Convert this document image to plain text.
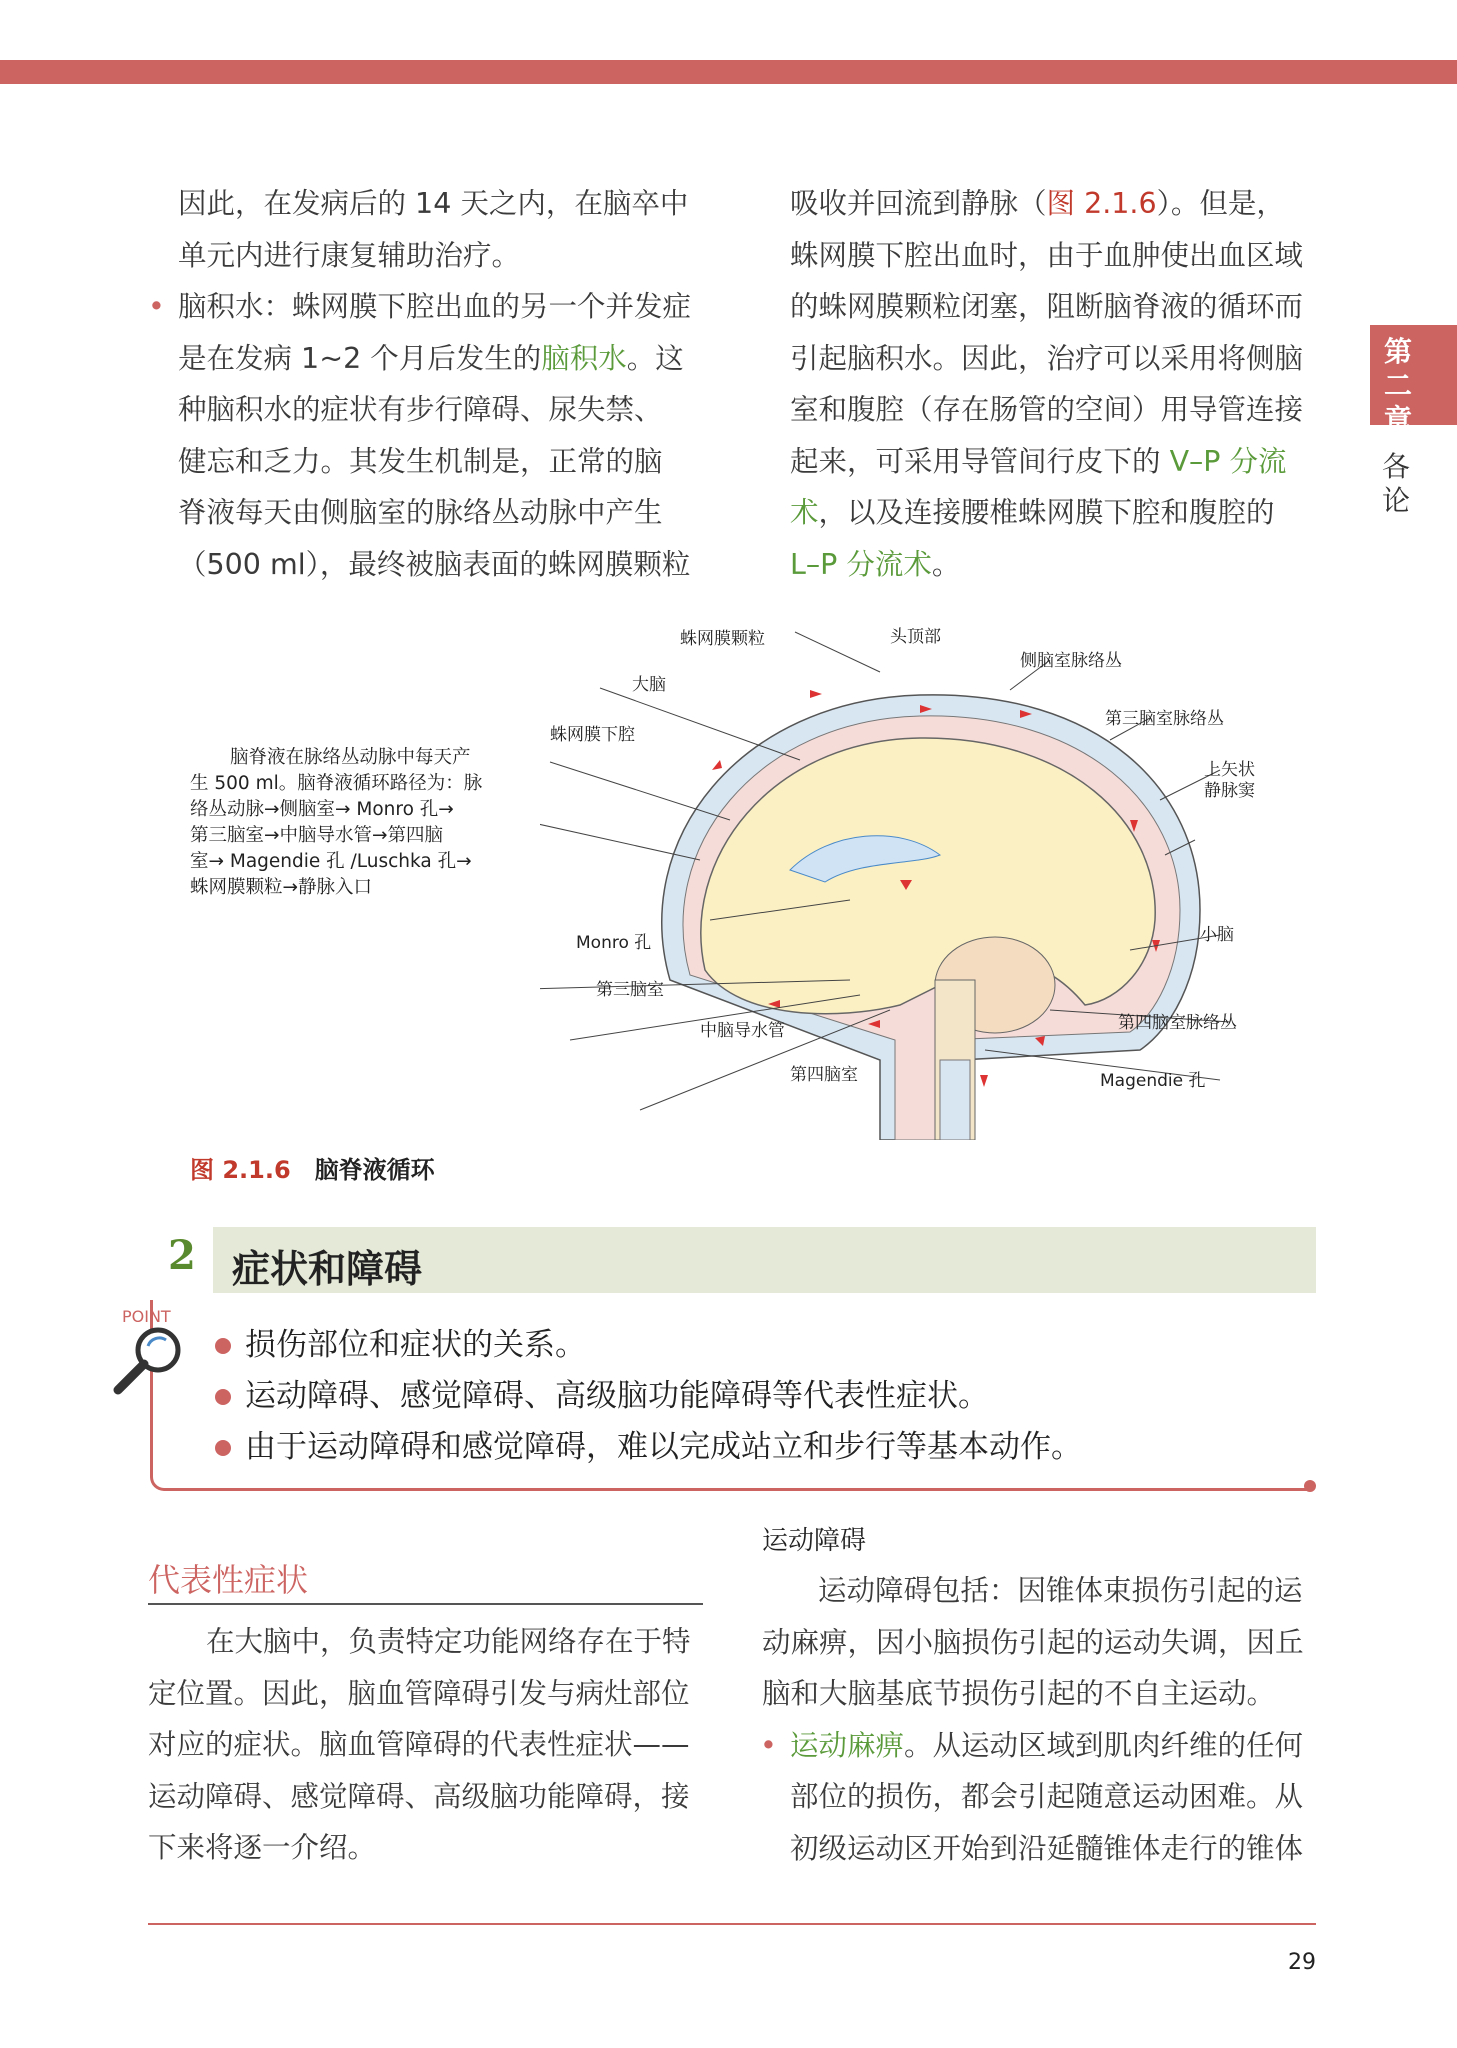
第二章
各论

因此，在发病后的 14 天之内，在脑卒中

单元内进行康复辅助治疗。

• 脑积水：蛛网膜下腔出血的另一个并发症

是在发病 1~2 个月后发生的脑积水。这

种脑积水的症状有步行障碍、尿失禁、

健忘和乏力。其发生机制是，正常的脑

脊液每天由侧脑室的脉络丛动脉中产生

（500 ml），最终被脑表面的蛛网膜颗粒

吸收并回流到静脉（图 2.1.6）。但是，

蛛网膜下腔出血时，由于血肿使出血区域

的蛛网膜颗粒闭塞，阻断脑脊液的循环而

引起脑积水。因此，治疗可以采用将侧脑

室和腹腔（存在肠管的空间）用导管连接

起来，可采用导管间行皮下的 V–P 分流

术，以及连接腰椎蛛网膜下腔和腹腔的

L–P 分流术。

脑脊液在脉络丛动脉中每天产
生 500 ml。脑脊液循环路径为：脉
络丛动脉→侧脑室→ Monro 孔→
第三脑室→中脑导水管→第四脑
室→ Magendie 孔 /Luschka 孔→
蛛网膜颗粒→静脉入口
蛛网膜颗粒	头顶部
侧脑室脉络丛
大脑
第三脑室脉络丛
蛛网膜下腔
上矢状
静脉窦
Monro 孔	小脑
第三脑室
第四脑室脉络丛
中脑导水管
第四脑室	Magendie 孔
图 2.1.6 脑脊液循环
2 症状和障碍
POINT
损伤部位和症状的关系。
运动障碍、感觉障碍、高级脑功能障碍等代表性症状。
由于运动障碍和感觉障碍，难以完成站立和步行等基本动作。
代表性症状

在大脑中，负责特定功能网络存在于特

定位置。因此，脑血管障碍引发与病灶部位

对应的症状。脑血管障碍的代表性症状——

运动障碍、感觉障碍、高级脑功能障碍，接

下来将逐一介绍。

运动障碍

运动障碍包括：因锥体束损伤引起的运

动麻痹，因小脑损伤引起的运动失调，因丘

脑和大脑基底节损伤引起的不自主运动。

• 运动麻痹。从运动区域到肌肉纤维的任何

部位的损伤，都会引起随意运动困难。从

初级运动区开始到沿延髓锥体走行的锥体

29
